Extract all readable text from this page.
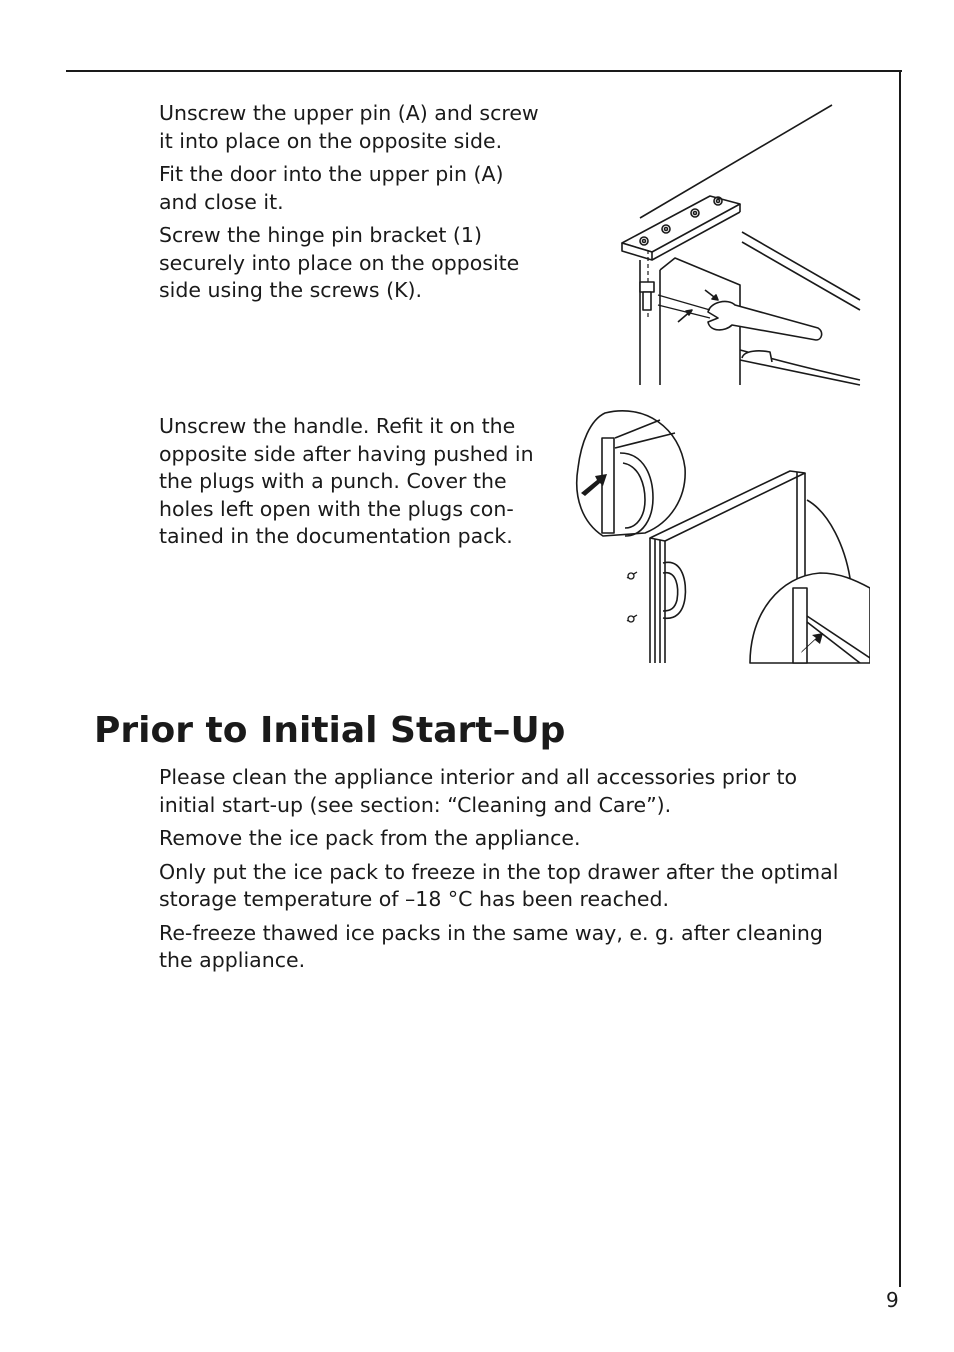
Unscrew the upper pin (A) and screw it into place on the opposite side.

Fit the door into the upper pin (A) and close it.

Screw the hinge pin bracket (1) securely into place on the opposite side using the screws (K).

Unscrew the handle. Refit it on the opposite side after having pushed in the plugs with a punch. Cover the holes left open with the plugs con-tained in the documentation pack.

Prior to Initial Start–Up

Please clean the appliance interior and all accessories prior to initial start-up (see section: “Cleaning and Care”).

Remove the ice pack from the appliance.

Only put the ice pack to freeze in the top drawer after the optimal storage temperature of –18 °C has been reached.

Re-freeze thawed ice packs in the same way, e. g. after cleaning the appliance.

9
